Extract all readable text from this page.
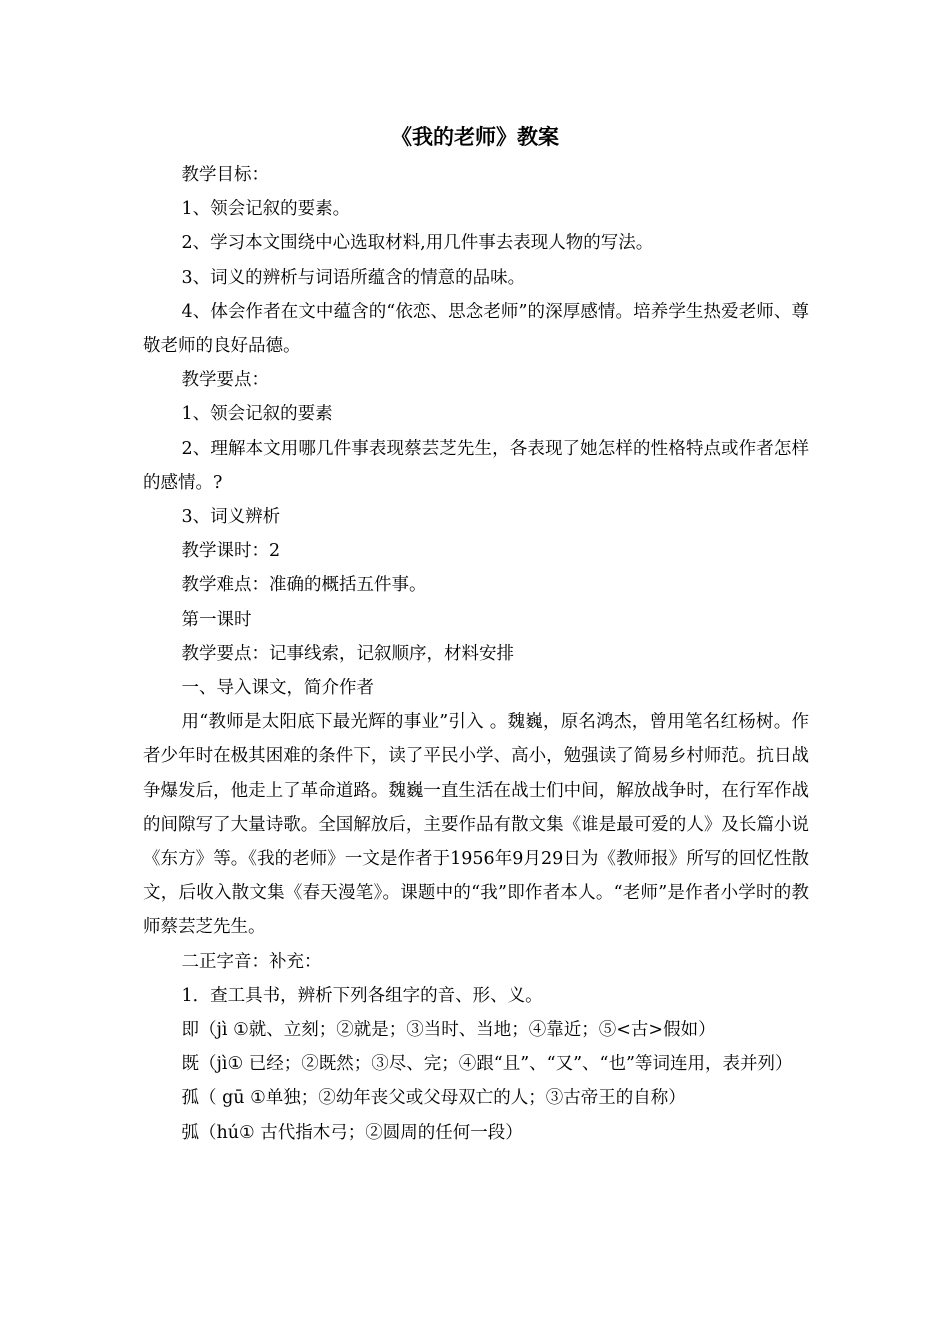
《我的老师》教案

教学目标：

1、领会记叙的要素。

2、学习本文围绕中心选取材料,用几件事去表现人物的写法。

3、词义的辨析与词语所蕴含的情意的品味。

4、体会作者在文中蕴含的“依恋、思念老师”的深厚感情。培养学生热爱老师、尊敬老师的良好品德。

教学要点：

1、领会记叙的要素

2、理解本文用哪几件事表现蔡芸芝先生，各表现了她怎样的性格特点或作者怎样的感情。?

3、词义辨析

教学课时：2

教学难点：准确的概括五件事。

第一课时

教学要点：记事线索，记叙顺序，材料安排

一、导入课文，简介作者

用“教师是太阳底下最光辉的事业”引入 。魏巍，原名鸿杰，曾用笔名红杨树。作者少年时在极其困难的条件下，读了平民小学、高小，勉强读了简易乡村师范。抗日战争爆发后，他走上了革命道路。魏巍一直生活在战士们中间，解放战争时，在行军作战的间隙写了大量诗歌。全国解放后，主要作品有散文集《谁是最可爱的人》及长篇小说《东方》等。《我的老师》一文是作者于1956年9月29日为《教师报》所写的回忆性散文，后收入散文集《春天漫笔》。课题中的“我”即作者本人。“老师”是作者小学时的教师蔡芸芝先生。

二正字音：补充：

1．查工具书，辨析下列各组字的音、形、义。

即（jì ①就、立刻；②就是；③当时、当地；④靠近；⑤<古>假如）

既（jì① 已经；②既然；③尽、完；④跟“且”、“又”、“也”等词连用，表并列）

孤（ gū ①单独；②幼年丧父或父母双亡的人；③古帝王的自称）

弧（hú① 古代指木弓；②圆周的任何一段）
